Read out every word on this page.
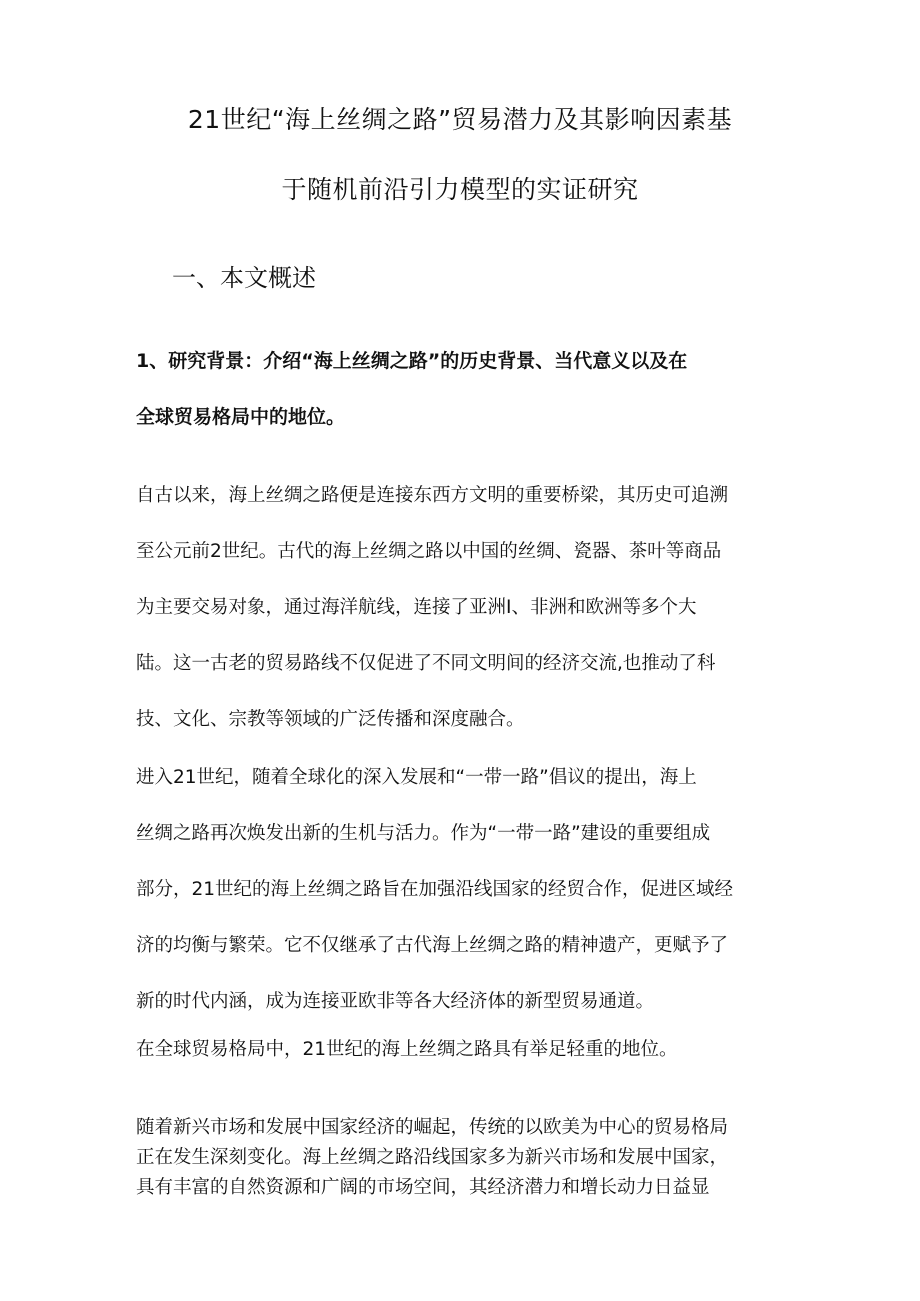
21世纪“海上丝绸之路”贸易潜力及其影响因素基
于随机前沿引力模型的实证研究
一、本文概述
1、研究背景：介绍“海上丝绸之路”的历史背景、当代意义以及在
全球贸易格局中的地位。

自古以来，海上丝绸之路便是连接东西方文明的重要桥梁，其历史可追溯
至公元前2世纪。古代的海上丝绸之路以中国的丝绸、瓷器、茶叶等商品
为主要交易对象，通过海洋航线，连接了亚洲I、非洲和欧洲等多个大
陆。这一古老的贸易路线不仅促进了不同文明间的经济交流,也推动了科
技、文化、宗教等领域的广泛传播和深度融合。

进入21世纪，随着全球化的深入发展和“一带一路”倡议的提出，海上
丝绸之路再次焕发出新的生机与活力。作为“一带一路”建设的重要组成
部分，21世纪的海上丝绸之路旨在加强沿线国家的经贸合作，促进区域经
济的均衡与繁荣。它不仅继承了古代海上丝绸之路的精神遗产，更赋予了
新的时代内涵，成为连接亚欧非等各大经济体的新型贸易通道。

在全球贸易格局中，21世纪的海上丝绸之路具有举足轻重的地位。

随着新兴市场和发展中国家经济的崛起，传统的以欧美为中心的贸易格局
正在发生深刻变化。海上丝绸之路沿线国家多为新兴市场和发展中国家，
具有丰富的自然资源和广阔的市场空间，其经济潜力和增长动力日益显
